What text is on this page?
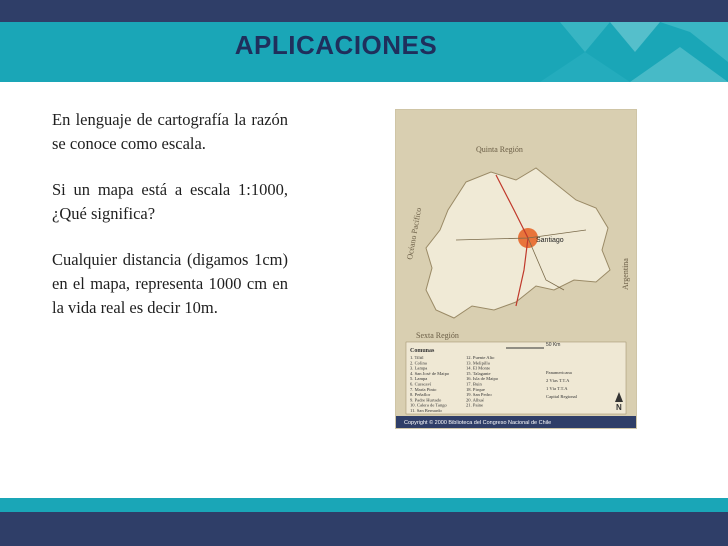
APLICACIONES

En lenguaje de cartografía la razón se conoce como escala.

Si un mapa está a escala 1:1000, ¿Qué significa?

Cualquier distancia (digamos 1cm) en el mapa, representa 1000 cm en la vida real es decir 10m.

Quinta Región
Sexta Región
Océano Pacífico
Argentina
Santiago
Comunas
1. Tiltil
2. Colina
3. Lampa
4. San José de Maipo
5. Lampa
6. Curacaví
7. María Pinto
8. Peñaflor
9. Padre Hurtado
10. Calera de Tango
11. San Bernardo
12. Puente Alto
13. Melipilla
14. El Monte
15. Talagante
16. Isla de Maipo
17. Buin
18. Pirque
19. San Pedro
20. Alhué
21. Paine
Panamericana
2 Vías T.T.A
1 Vía T.T.A
Capital Regional
50 Km
N
Copyright © 2000 Biblioteca del Congreso Nacional de Chile
